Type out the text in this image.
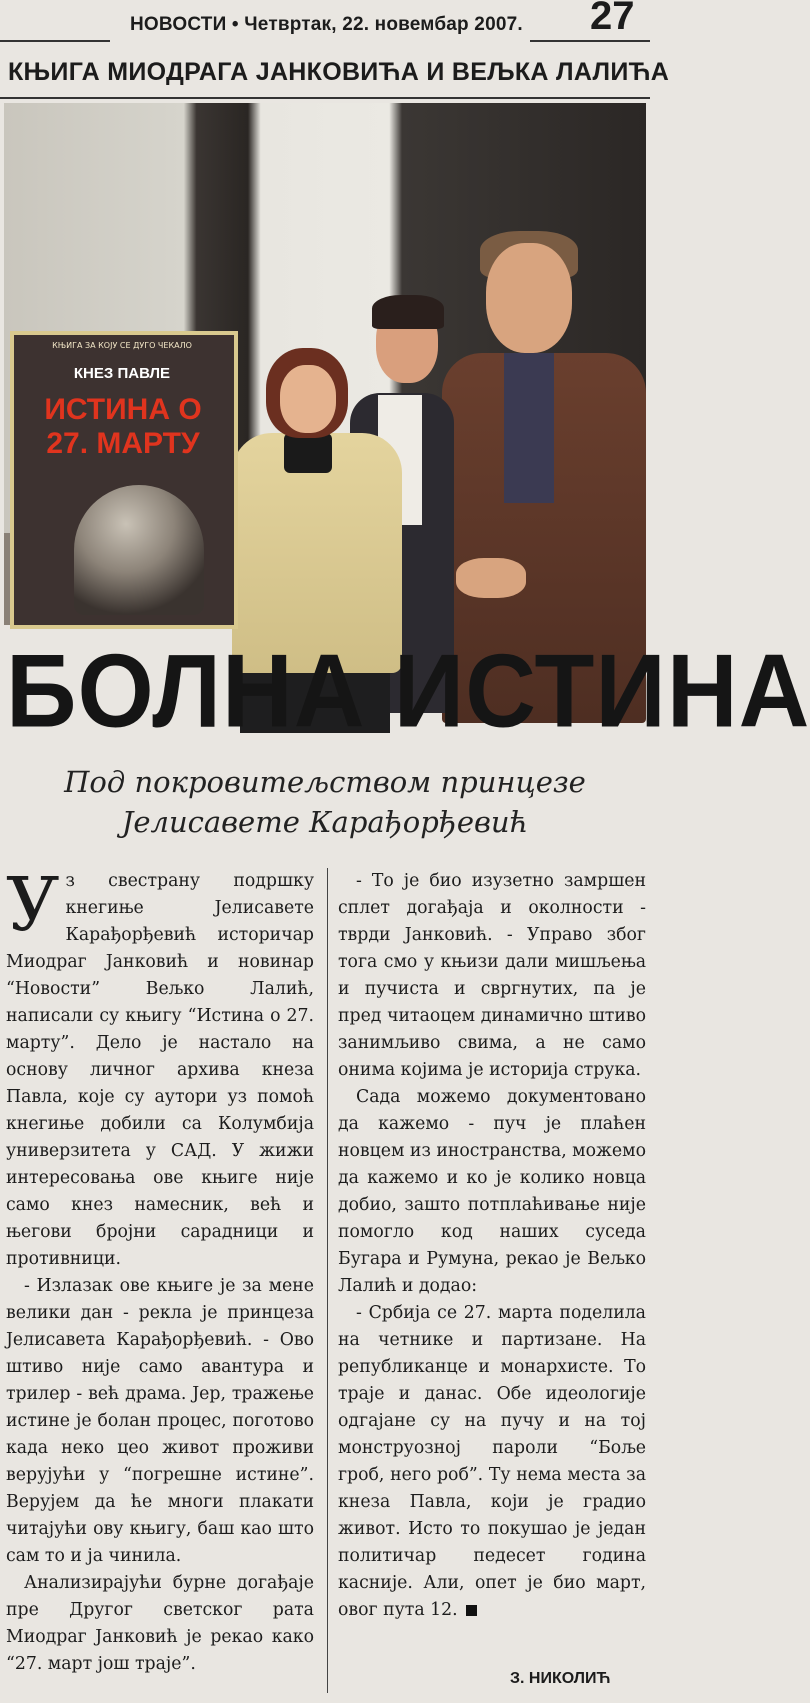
НОВОСТИ • Четвртак, 22. новембар 2007. 27
КЊИГА МИОДРАГА ЈАНКОВИЋА И ВЕЉКА ЛАЛИЋА
КЊИГА ЗА КОЈУ СЕ ДУГО ЧЕКАЛО
КНЕЗ ПАВЛЕ
ИСТИНА О 27. МАРТУ
БОЛНА ИСТИНА
Под покровитељством принцезе Јелисавете Карађорђевић

Уз свестрану подршку кнегиње Јелисавете Карађорђевић историчар Миодраг Јанковић и новинар “Новости” Вељко Лалић, написали су књигу “Истина о 27. марту”. Дело је настало на основу личног архива кнеза Павла, које су аутори уз помоћ кнегиње добили са Колумбија универзитета у САД. У жижи интересовања ове књиге није само кнез намесник, већ и његови бројни сарадници и противници.

- Излазак ове књиге је за мене велики дан - рекла је принцеза Јелисавета Карађорђевић. - Ово штиво није само авантура и трилер - већ драма. Јер, тражење истине је болан процес, поготово када неко цео живот проживи верујући у “погрешне истине”. Верујем да ће многи плакати читајући ову књигу, баш као што сам то и ја чинила.

Анализирајући бурне догађаје пре Другог светског рата Миодраг Јанковић је рекао како “27. март још траје”.

- То је био изузетно замршен сплет догађаја и околности - тврди Јанковић. - Управо због тога смо у књизи дали мишљења и пучиста и свргнутих, па је пред читаоцем динамично штиво занимљиво свима, а не само онима којима је историја струка.

Сада можемо документовано да кажемо - пуч је плаћен новцем из иностранства, можемо да кажемо и ко је колико новца добио, зашто потплаћивање није помогло код наших суседа Бугара и Румуна, рекао је Вељко Лалић и додао:

- Србија се 27. марта поделила на четнике и партизане. На републиканце и монархисте. То траје и данас. Обе идеологије одгајане су на пучу и на тој монструозној пароли “Боље гроб, него роб”. Ту нема места за кнеза Павла, који је градио живот. Исто то покушао је један политичар педесет година касније. Али, опет је био март, овог пута 12.

З. НИКОЛИЋ
